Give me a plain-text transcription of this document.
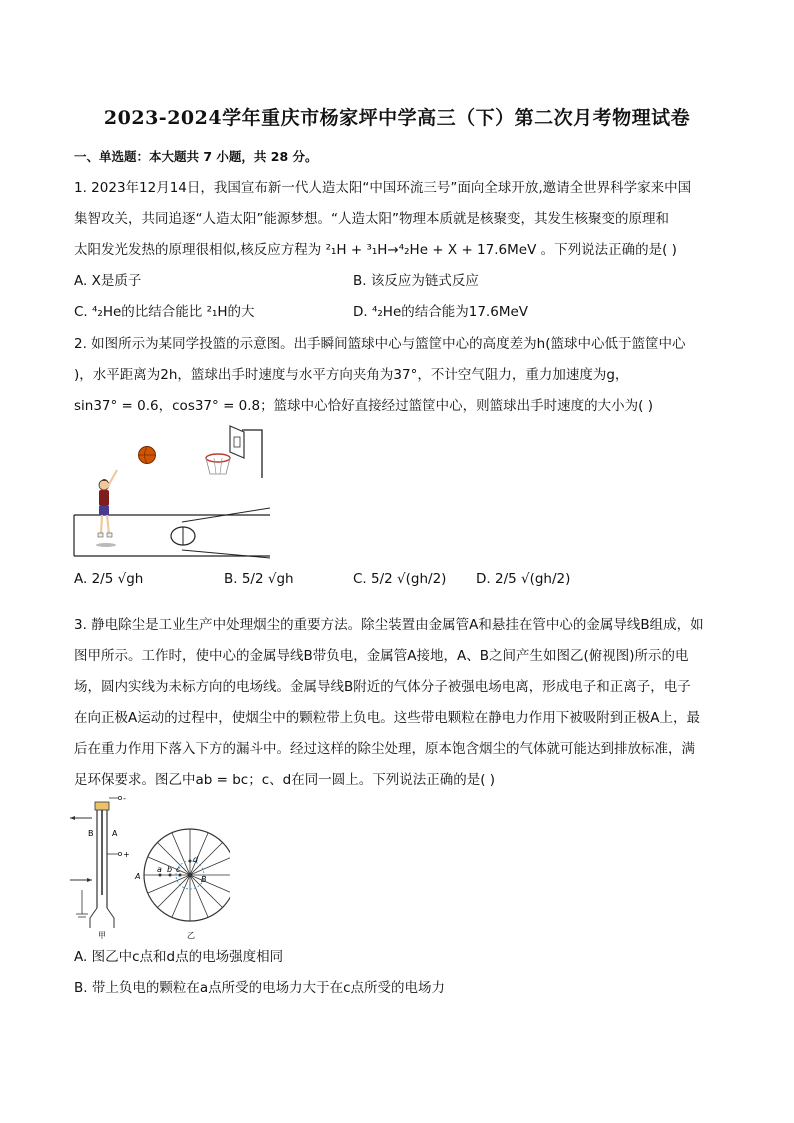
2023-2024学年重庆市杨家坪中学高三（下）第二次月考物理试卷
一、单选题：本大题共 7 小题，共 28 分。
1. 2023年12月14日，我国宣布新一代人造太阳“中国环流三号”面向全球开放,邀请全世界科学家来中国
集智攻关，共同追逐“人造太阳”能源梦想。“人造太阳”物理本质就是核聚变，其发生核聚变的原理和
太阳发光发热的原理很相似,核反应方程为 ²₁H + ³₁H→⁴₂He + X + 17.6MeV 。下列说法正确的是( )
A. X是质子	B. 该反应为链式反应
C. ⁴₂He的比结合能比 ²₁H的大	D. ⁴₂He的结合能为17.6MeV
2. 如图所示为某同学投篮的示意图。出手瞬间篮球中心与篮筐中心的高度差为h(篮球中心低于篮筐中心
)，水平距离为2h，篮球出手时速度与水平方向夹角为37°，不计空气阻力，重力加速度为g，
sin37° = 0.6，cos37° = 0.8；篮球中心恰好直接经过篮筐中心，则篮球出手时速度的大小为( )
A. 2/5 √gh	B. 5/2 √gh	C. 5/2 √(gh/2) D. 2/5 √(gh/2)
3. 静电除尘是工业生产中处理烟尘的重要方法。除尘装置由金属管A和悬挂在管中心的金属导线B组成，如
图甲所示。工作时，使中心的金属导线B带负电，金属管A接地，A、B之间产生如图乙(俯视图)所示的电
场，圆内实线为未标方向的电场线。金属导线B附近的气体分子被强电场电离，形成电子和正离子，电子
在向正极A运动的过程中，使烟尘中的颗粒带上负电。这些带电颗粒在静电力作用下被吸附到正极A上，最
后在重力作用下落入下方的漏斗中。经过这样的除尘处理，原本饱含烟尘的气体就可能达到排放标准，满
足环保要求。图乙中ab = bc；c、d在同一圆上。下列说法正确的是( )
-
+
B A
甲
a b c
d
A	B
乙
A. 图乙中c点和d点的电场强度相同
B. 带上负电的颗粒在a点所受的电场力大于在c点所受的电场力
